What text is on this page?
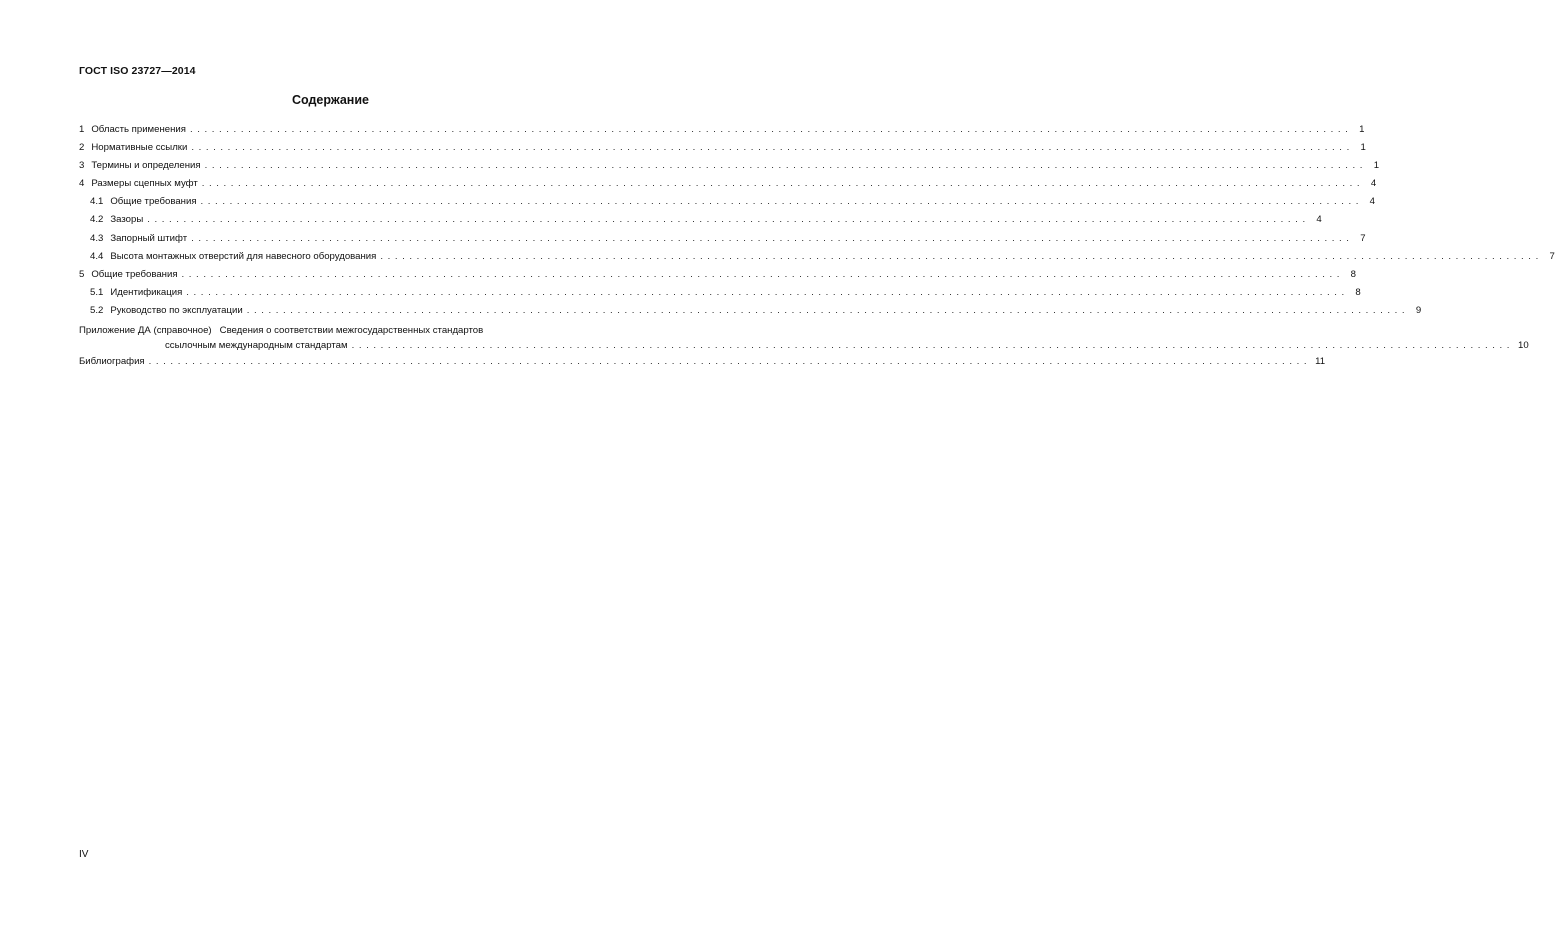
ГОСТ ISO 23727—2014
Содержание
1 Область применения ................................................................................................................................................................ 1
2 Нормативные ссылки ................................................................................................................................................................ 1
3 Термины и определения ................................................................................................................................................................ 1
4 Размеры сцепных муфт ................................................................................................................................................................ 4
4.1 Общие требования ................................................................................................................................................................ 4
4.2 Зазоры ................................................................................................................................................................ 4
4.3 Запорный штифт ................................................................................................................................................................ 7
4.4 Высота монтажных отверстий для навесного оборудования ................................................................................................................................................................ 7
5 Общие требования ................................................................................................................................................................ 8
5.1 Идентификация ................................................................................................................................................................ 8
5.2 Руководство по эксплуатации ................................................................................................................................................................ 9
Приложение ДА (справочное) Сведения о соответствии межгосударственных стандартов
ссылочным международным стандартам ................................................................................................................................................................ 10
Библиография ................................................................................................................................................................ 11
IV
